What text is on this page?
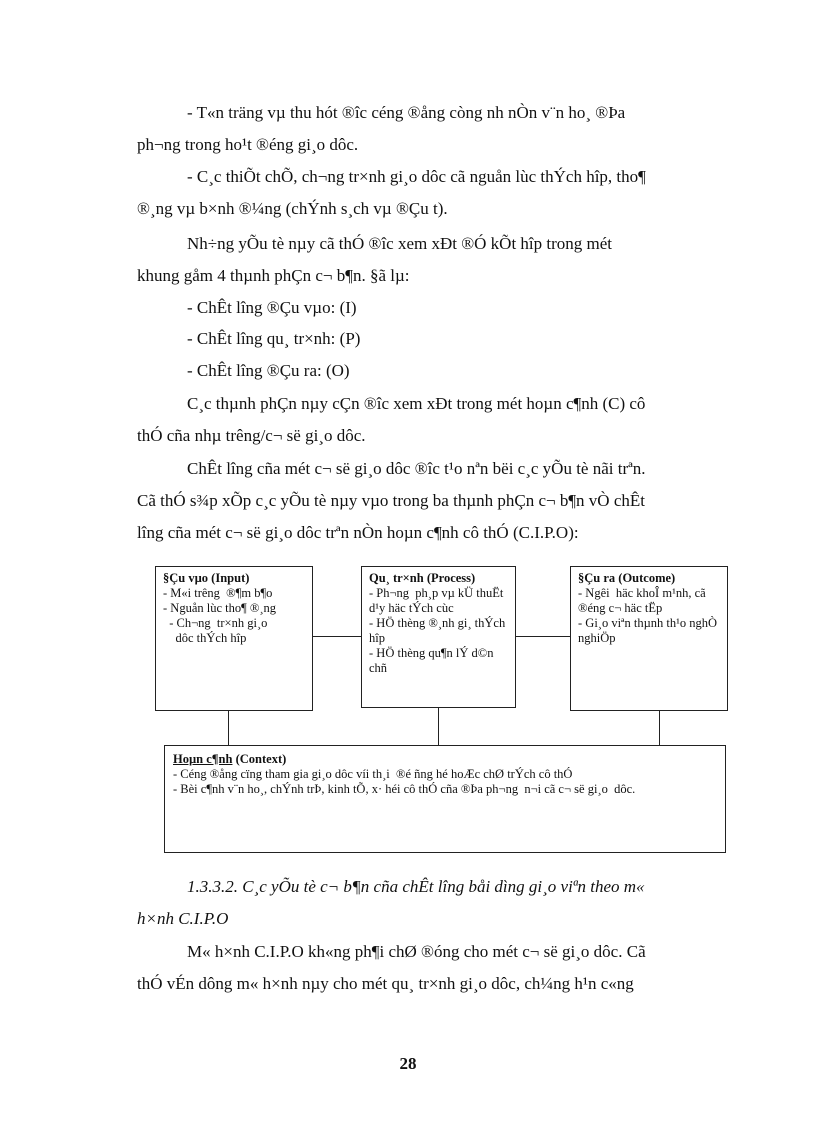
- T«n träng vµ thu hót ®îc céng ®ång còng nh nÒn v¨n ho¸ ®Þa
ph¬ng trong ho¹t ®éng gi¸o dôc.
- C¸c thiÕt chÕ, ch¬ng tr×nh gi¸o dôc cã nguån lùc thÝch hîp, tho¶
®¸ng vµ b×nh ®¼ng (chÝnh s¸ch vµ ®Çu t).
Nh÷ng yÕu tè nµy cã thÓ ®îc xem xÐt ®Ó kÕt hîp trong mét
khung gåm 4 thµnh phÇn c¬ b¶n. §ã lµ:
- ChÊt lîng ®Çu vµo: (I)
- ChÊt lîng qu¸ tr×nh: (P)
- ChÊt lîng ®Çu ra: (O)
C¸c thµnh phÇn nµy cÇn ®îc xem xÐt trong mét hoµn c¶nh (C) cô
thÓ cña nhµ trêng/c¬ së gi¸o dôc.
ChÊt lîng cña mét c¬ së gi¸o dôc ®îc t¹o nªn bëi c¸c yÕu tè nãi trªn.
Cã thÓ s¾p xÕp c¸c yÕu tè nµy vµo trong ba thµnh phÇn c¬ b¶n vÒ chÊt
lîng cña mét c¬ së gi¸o dôc trªn nÒn hoµn c¶nh cô thÓ (C.I.P.O):
§Çu vµo (Input)
- M«i trêng  ®¶m b¶o
- Nguån lùc tho¶ ®¸ng
- Ch¬ng  tr×nh gi¸o
dôc thÝch hîp
Qu¸ tr×nh (Process)
- Ph¬ng  ph¸p vµ kÜ thuËt d¹y häc tÝch cùc
- HÖ thèng ®¸nh gi¸ thÝch hîp
- HÖ thèng qu¶n lÝ d©n chñ
§Çu ra (Outcome)
- Ngêi  häc khoÎ m¹nh, cã ®éng c¬ häc tËp
- Gi¸o viªn thµnh th¹o nghÒ nghiÖp
Hoµn c¶nh (Context)
- Céng ®ång cïng tham gia gi¸o dôc víi th¸i  ®é ñng hé hoÆc chØ trÝch cô thÓ
- Bèi c¶nh v¨n ho¸, chÝnh trÞ, kinh tÕ, x· héi cô thÓ cña ®Þa ph¬ng  n¬i cã c¬ së gi¸o  dôc.
1.3.3.2. C¸c yÕu tè c¬ b¶n cña chÊt lîng båi dìng gi¸o viªn theo m«
h×nh C.I.P.O
M« h×nh C.I.P.O kh«ng ph¶i chØ ®óng cho mét c¬ së gi¸o dôc. Cã
thÓ vÉn dông m« h×nh nµy cho mét qu¸ tr×nh gi¸o dôc, ch¼ng h¹n c«ng
28
